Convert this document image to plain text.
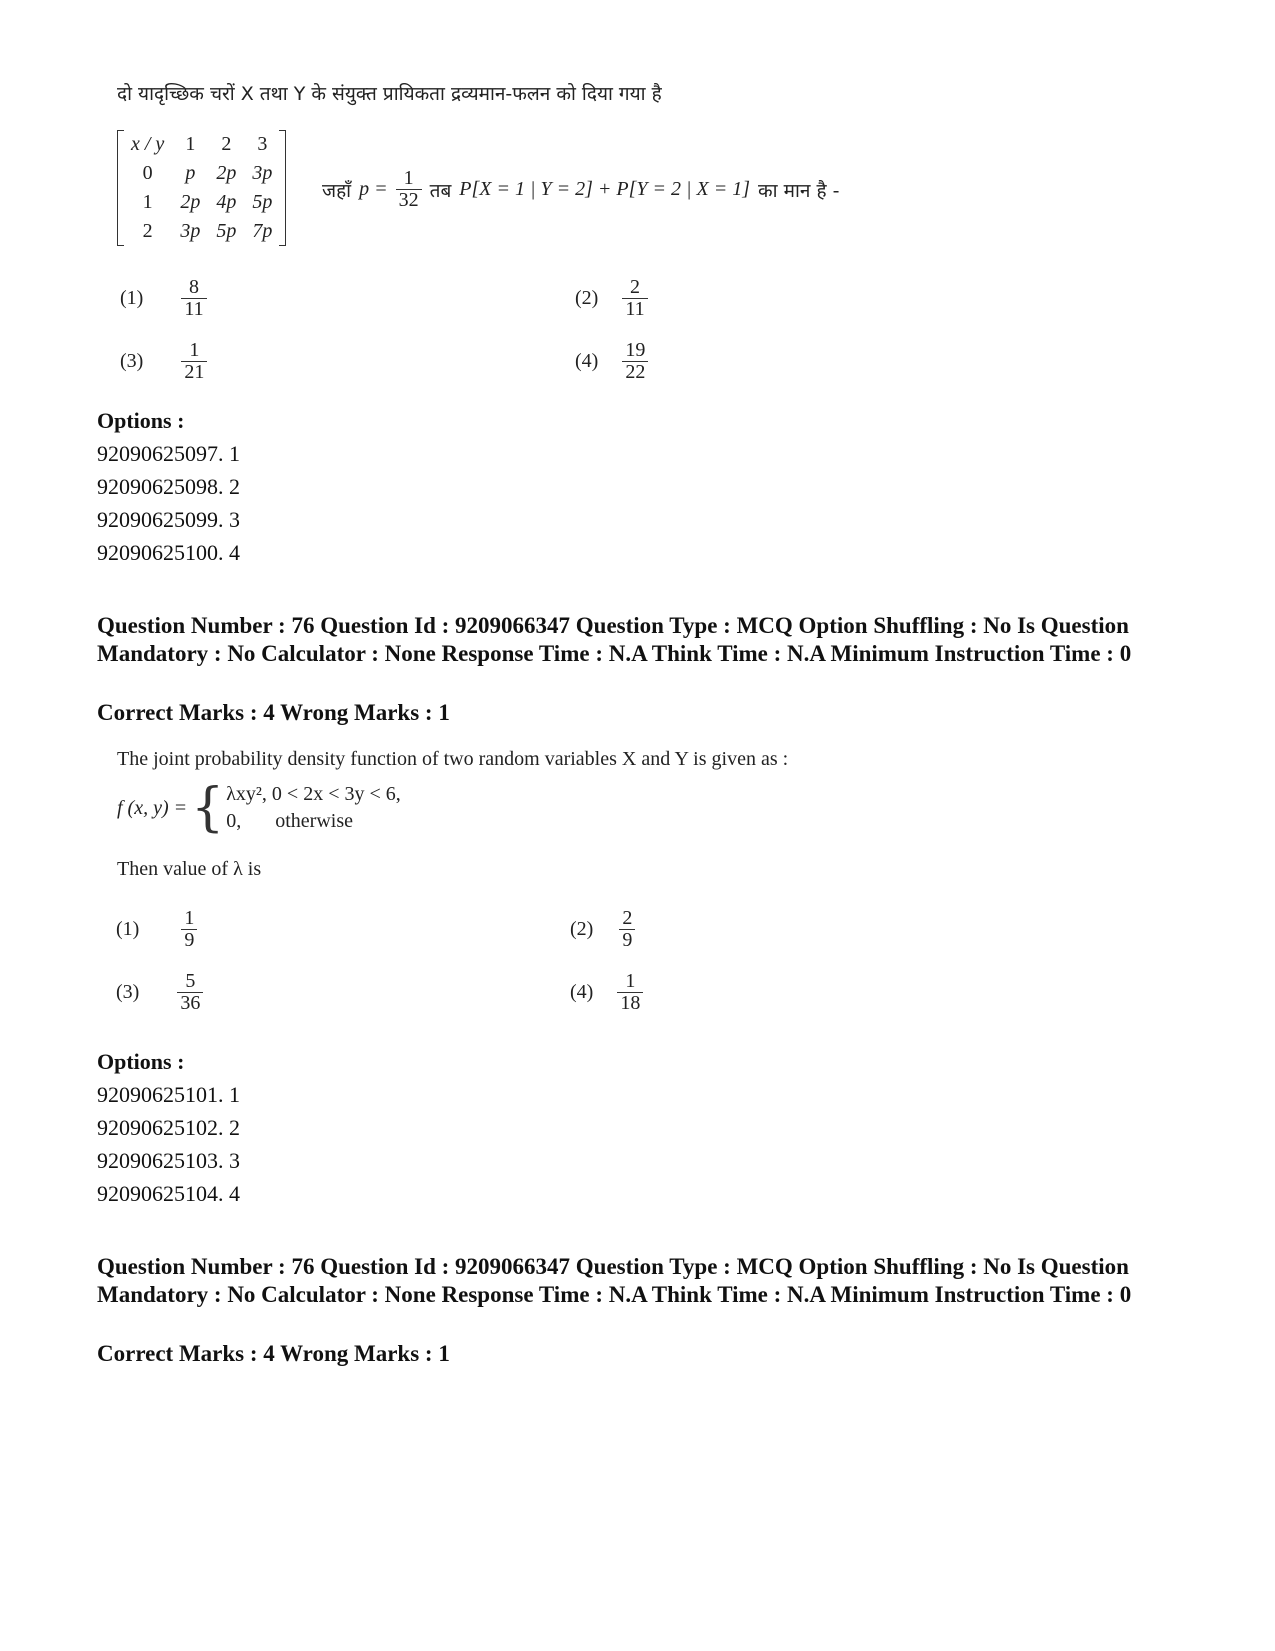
दो यादृच्छिक चरों X तथा Y के संयुक्त प्रायिकता द्रव्यमान-फलन को दिया गया है
x / y	1	2	3
0	p	2p	3p
1	2p	4p	5p
2	3p	5p	7p
जहाँ $p = \frac{1}{32}$ तब P[X = 1 | Y = 2] + P[Y = 2 | X = 1] का मान है -
$(1) \frac{8}{11}$	$(2) \frac{2}{11}$
$(3) \frac{1}{21}$	$(4) \frac{19}{22}$
Options :
92090625097. 1
92090625098. 2
92090625099. 3
92090625100. 4
Question Number : 76 Question Id : 9209066347 Question Type : MCQ Option Shuffling : No Is Question Mandatory : No Calculator : None Response Time : N.A Think Time : N.A Minimum Instruction Time : 0
Correct Marks : 4 Wrong Marks : 1
The joint probability density function of two random variables X and Y is given as :
f (x, y) = { λxy², 0 < 2x < 3y < 6,
0, otherwise
Then value of λ is
$(1) \frac{1}{9}$	$(2) \frac{2}{9}$
$(3) \frac{5}{36}$	$(4) \frac{1}{18}$
Options :
92090625101. 1
92090625102. 2
92090625103. 3
92090625104. 4
Question Number : 76 Question Id : 9209066347 Question Type : MCQ Option Shuffling : No Is Question Mandatory : No Calculator : None Response Time : N.A Think Time : N.A Minimum Instruction Time : 0
Correct Marks : 4 Wrong Marks : 1
